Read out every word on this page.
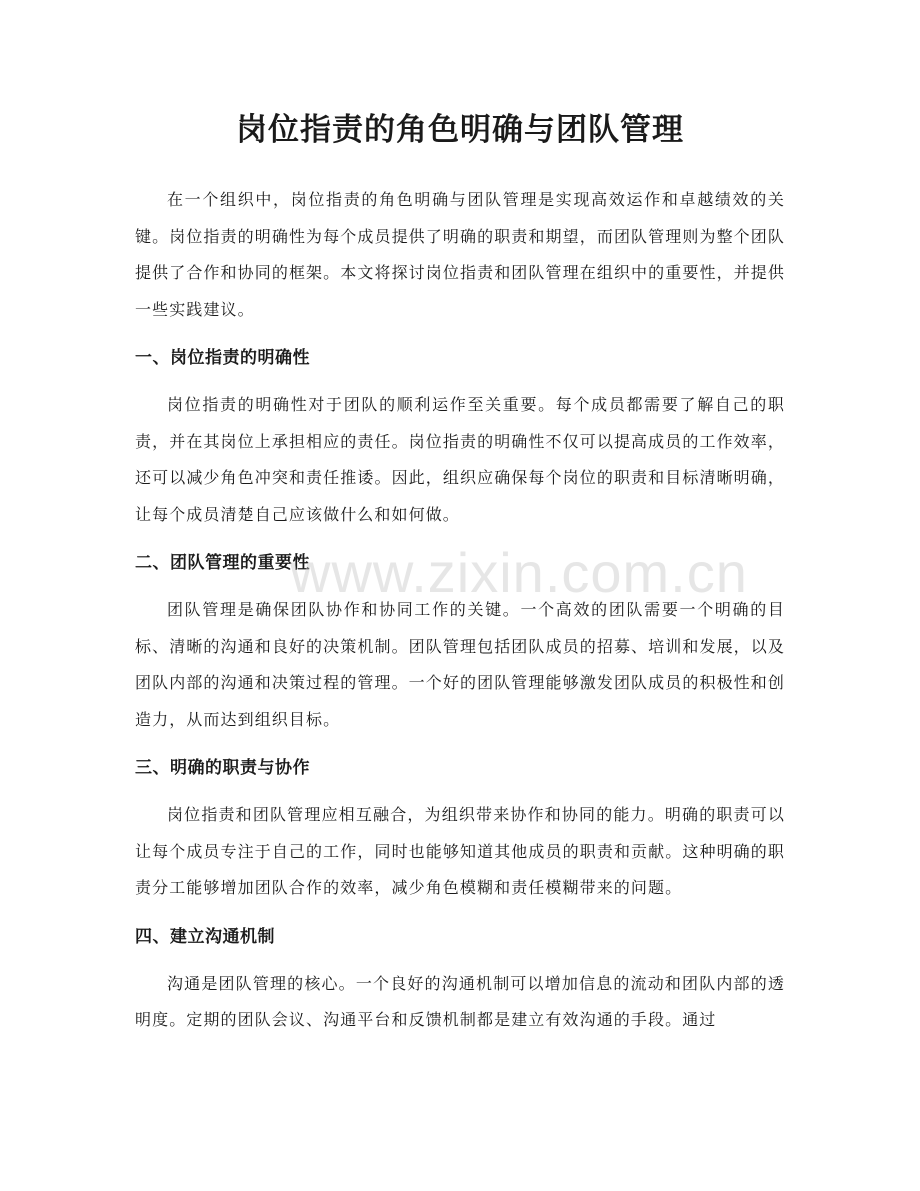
岗位指责的角色明确与团队管理

在一个组织中，岗位指责的角色明确与团队管理是实现高效运作和卓越绩效的关键。岗位指责的明确性为每个成员提供了明确的职责和期望，而团队管理则为整个团队提供了合作和协同的框架。本文将探讨岗位指责和团队管理在组织中的重要性，并提供一些实践建议。

一、岗位指责的明确性

岗位指责的明确性对于团队的顺利运作至关重要。每个成员都需要了解自己的职责，并在其岗位上承担相应的责任。岗位指责的明确性不仅可以提高成员的工作效率，还可以减少角色冲突和责任推诿。因此，组织应确保每个岗位的职责和目标清晰明确，让每个成员清楚自己应该做什么和如何做。

二、团队管理的重要性

团队管理是确保团队协作和协同工作的关键。一个高效的团队需要一个明确的目标、清晰的沟通和良好的决策机制。团队管理包括团队成员的招募、培训和发展，以及团队内部的沟通和决策过程的管理。一个好的团队管理能够激发团队成员的积极性和创造力，从而达到组织目标。

三、明确的职责与协作

岗位指责和团队管理应相互融合，为组织带来协作和协同的能力。明确的职责可以让每个成员专注于自己的工作，同时也能够知道其他成员的职责和贡献。这种明确的职责分工能够增加团队合作的效率，减少角色模糊和责任模糊带来的问题。

四、建立沟通机制

沟通是团队管理的核心。一个良好的沟通机制可以增加信息的流动和团队内部的透明度。定期的团队会议、沟通平台和反馈机制都是建立有效沟通的手段。通过

www.zixin.com.cn
